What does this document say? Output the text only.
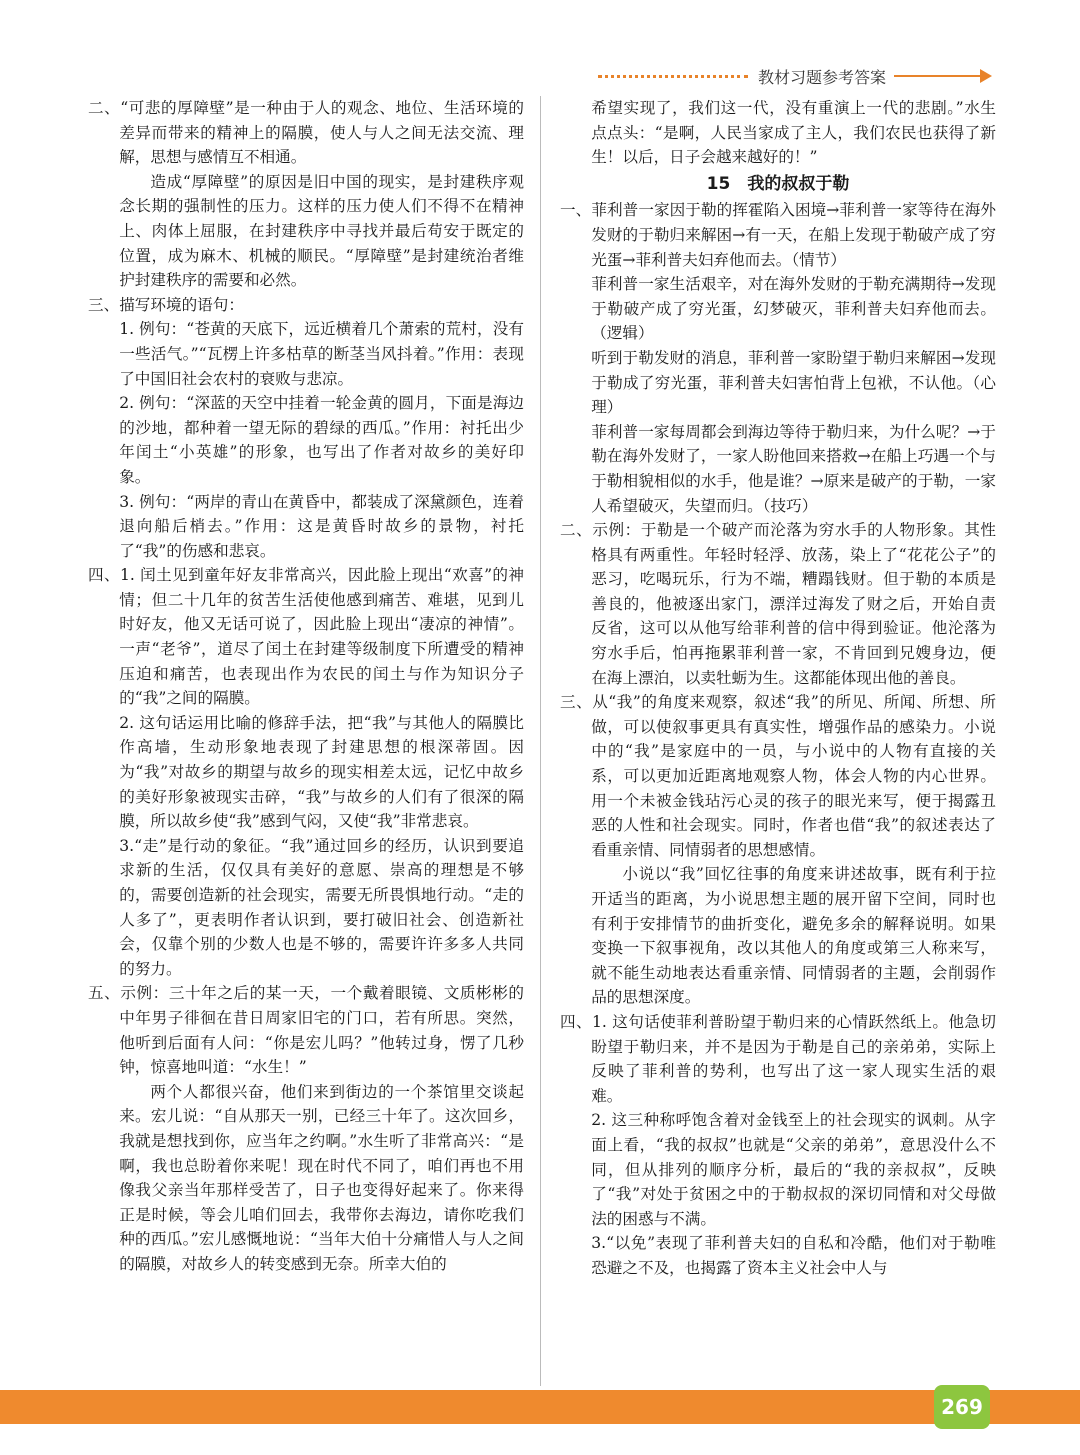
教材习题参考答案

二、“可悲的厚障壁”是一种由于人的观念、地位、生活环境的差异而带来的精神上的隔膜，使人与人之间无法交流、理解，思想与感情互不相通。

造成“厚障壁”的原因是旧中国的现实，是封建秩序观念长期的强制性的压力。这样的压力使人们不得不在精神上、肉体上屈服，在封建秩序中寻找并最后苟安于既定的位置，成为麻木、机械的顺民。“厚障壁”是封建统治者维护封建秩序的需要和必然。

三、描写环境的语句：

1. 例句：“苍黄的天底下，远近横着几个萧索的荒村，没有一些活气。”“瓦楞上许多枯草的断茎当风抖着。”作用：表现了中国旧社会农村的衰败与悲凉。

2. 例句：“深蓝的天空中挂着一轮金黄的圆月，下面是海边的沙地，都种着一望无际的碧绿的西瓜。”作用：衬托出少年闰土“小英雄”的形象，也写出了作者对故乡的美好印象。

3. 例句：“两岸的青山在黄昏中，都装成了深黛颜色，连着退向船后梢去。”作用：这是黄昏时故乡的景物，衬托了“我”的伤感和悲哀。

四、1. 闰土见到童年好友非常高兴，因此脸上现出“欢喜”的神情；但二十几年的贫苦生活使他感到痛苦、难堪，见到儿时好友，他又无话可说了，因此脸上现出“凄凉的神情”。一声“老爷”，道尽了闰土在封建等级制度下所遭受的精神压迫和痛苦，也表现出作为农民的闰土与作为知识分子的“我”之间的隔膜。

2. 这句话运用比喻的修辞手法，把“我”与其他人的隔膜比作高墙，生动形象地表现了封建思想的根深蒂固。因为“我”对故乡的期望与故乡的现实相差太远，记忆中故乡的美好形象被现实击碎，“我”与故乡的人们有了很深的隔膜，所以故乡使“我”感到气闷，又使“我”非常悲哀。

3.“走”是行动的象征。“我”通过回乡的经历，认识到要追求新的生活，仅仅具有美好的意愿、崇高的理想是不够的，需要创造新的社会现实，需要无所畏惧地行动。“走的人多了”，更表明作者认识到，要打破旧社会、创造新社会，仅靠个别的少数人也是不够的，需要许许多多人共同的努力。

五、示例：三十年之后的某一天，一个戴着眼镜、文质彬彬的中年男子徘徊在昔日周家旧宅的门口，若有所思。突然，他听到后面有人问：“你是宏儿吗？”他转过身，愣了几秒钟，惊喜地叫道：“水生！”

两个人都很兴奋，他们来到街边的一个茶馆里交谈起来。宏儿说：“自从那天一别，已经三十年了。这次回乡，我就是想找到你，应当年之约啊。”水生听了非常高兴：“是啊，我也总盼着你来呢！现在时代不同了，咱们再也不用像我父亲当年那样受苦了，日子也变得好起来了。你来得正是时候，等会儿咱们回去，我带你去海边，请你吃我们种的西瓜。”宏儿感慨地说：“当年大伯十分痛惜人与人之间的隔膜，对故乡人的转变感到无奈。所幸大伯的

希望实现了，我们这一代，没有重演上一代的悲剧。”水生点点头：“是啊，人民当家成了主人，我们农民也获得了新生！以后，日子会越来越好的！”

15　我的叔叔于勒

一、菲利普一家因于勒的挥霍陷入困境→菲利普一家等待在海外发财的于勒归来解困→有一天，在船上发现于勒破产成了穷光蛋→菲利普夫妇弃他而去。（情节）

菲利普一家生活艰辛，对在海外发财的于勒充满期待→发现于勒破产成了穷光蛋，幻梦破灭，菲利普夫妇弃他而去。（逻辑）

听到于勒发财的消息，菲利普一家盼望于勒归来解困→发现于勒成了穷光蛋，菲利普夫妇害怕背上包袱，不认他。（心理）

菲利普一家每周都会到海边等待于勒归来，为什么呢？→于勒在海外发财了，一家人盼他回来搭救→在船上巧遇一个与于勒相貌相似的水手，他是谁？→原来是破产的于勒，一家人希望破灭，失望而归。（技巧）

二、示例：于勒是一个破产而沦落为穷水手的人物形象。其性格具有两重性。年轻时轻浮、放荡，染上了“花花公子”的恶习，吃喝玩乐，行为不端，糟蹋钱财。但于勒的本质是善良的，他被逐出家门，漂洋过海发了财之后，开始自责反省，这可以从他写给菲利普的信中得到验证。他沦落为穷水手后，怕再拖累菲利普一家，不肯回到兄嫂身边，便在海上漂泊，以卖牡蛎为生。这都能体现出他的善良。

三、从“我”的角度来观察，叙述“我”的所见、所闻、所想、所做，可以使叙事更具有真实性，增强作品的感染力。小说中的“我”是家庭中的一员，与小说中的人物有直接的关系，可以更加近距离地观察人物，体会人物的内心世界。用一个未被金钱玷污心灵的孩子的眼光来写，便于揭露丑恶的人性和社会现实。同时，作者也借“我”的叙述表达了看重亲情、同情弱者的思想感情。

小说以“我”回忆往事的角度来讲述故事，既有利于拉开适当的距离，为小说思想主题的展开留下空间，同时也有利于安排情节的曲折变化，避免多余的解释说明。如果变换一下叙事视角，改以其他人的角度或第三人称来写，就不能生动地表达看重亲情、同情弱者的主题，会削弱作品的思想深度。

四、1. 这句话使菲利普盼望于勒归来的心情跃然纸上。他急切盼望于勒归来，并不是因为于勒是自己的亲弟弟，实际上反映了菲利普的势利，也写出了这一家人现实生活的艰难。

2. 这三种称呼饱含着对金钱至上的社会现实的讽刺。从字面上看，“我的叔叔”也就是“父亲的弟弟”，意思没什么不同，但从排列的顺序分析，最后的“我的亲叔叔”，反映了“我”对处于贫困之中的于勒叔叔的深切同情和对父母做法的困惑与不满。

3.“以免”表现了菲利普夫妇的自私和冷酷，他们对于勒唯恐避之不及，也揭露了资本主义社会中人与

269
